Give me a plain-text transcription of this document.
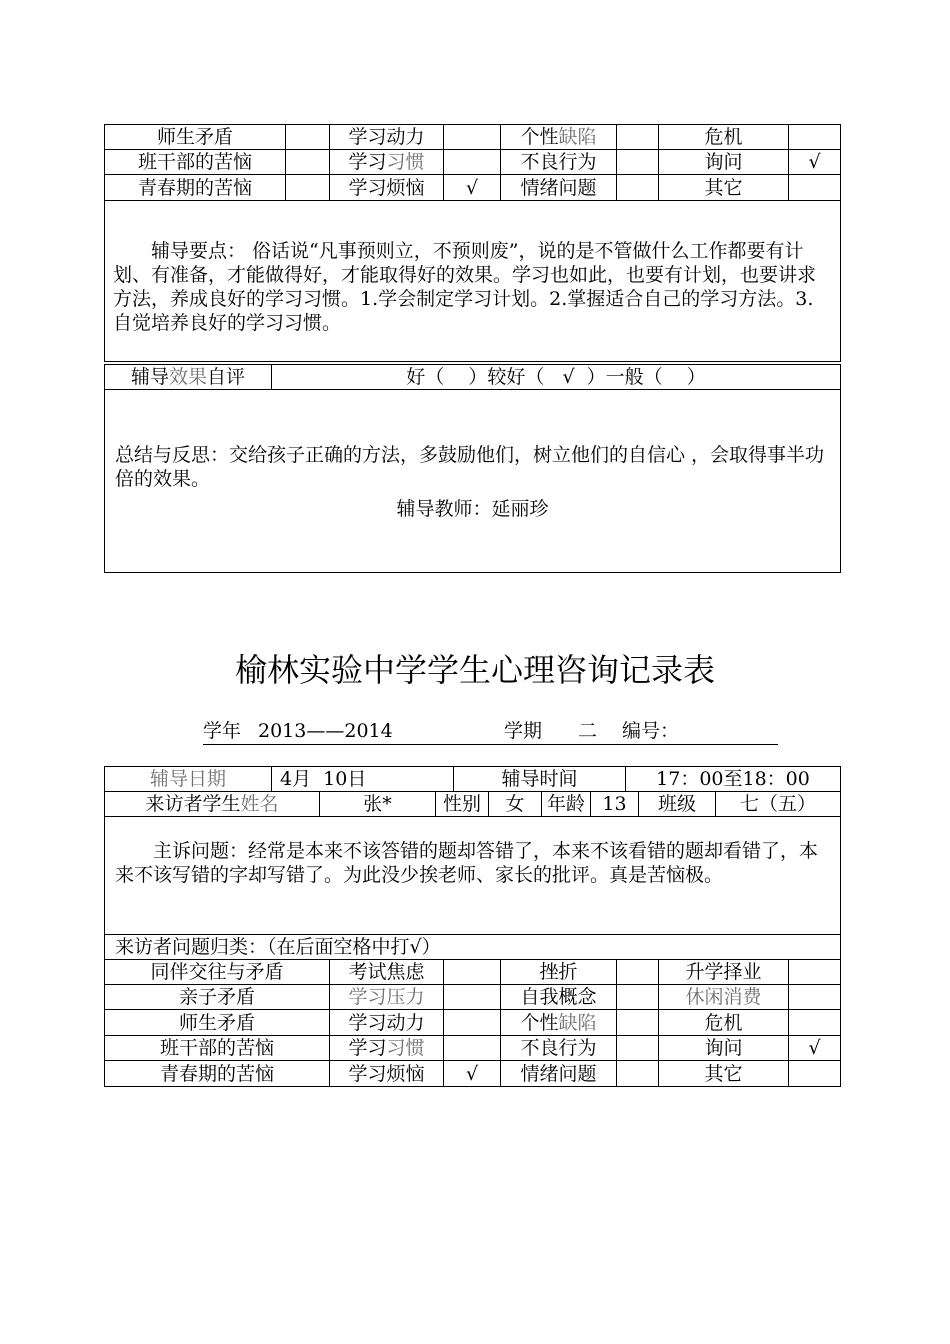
师生矛盾		学习动力		个性缺陷		危机	
班干部的苦恼		学习习惯		不良行为		询问	√
青春期的苦恼		学习烦恼	√	情绪问题		其它	

辅导要点： 俗话说“凡事预则立，不预则废”，说的是不管做什么工作都要有计划、有准备，才能做得好，才能取得好的效果。学习也如此，也要有计划，也要讲求方法，养成良好的学习习惯。1.学会制定学习计划。2.掌握适合自己的学习方法。3.自觉培养良好的学习习惯。							
辅导效果自评	好（    ）较好（   √  ）一般（    ）

总结与反思：交给孩子正确的方法，多鼓励他们，树立他们的自信心 ，会取得事半功倍的效果。
辅导教师：延丽珍
榆林实验中学学生心理咨询记录表
学年 2013——2014	学期 二 编号：
辅导日期	4月  10日	辅导时间	17：00至18：00
来访者学生姓名	张*	性别	女	年龄	13	班级	七（五）
主诉问题：经常是本来不该答错的题却答错了，本来不该看错的题却看错了，本来不该写错的字却写错了。为此没少挨老师、家长的批评。真是苦恼极。

来访者问题归类：（在后面空格中打√）
同伴交往与矛盾		考试焦虑		挫折		升学择业	
亲子矛盾	学习压力		自我概念		休闲消费	
师生矛盾	学习动力		个性缺陷		危机	
班干部的苦恼	学习习惯		不良行为		询问	√
青春期的苦恼	学习烦恼	√	情绪问题		其它	
